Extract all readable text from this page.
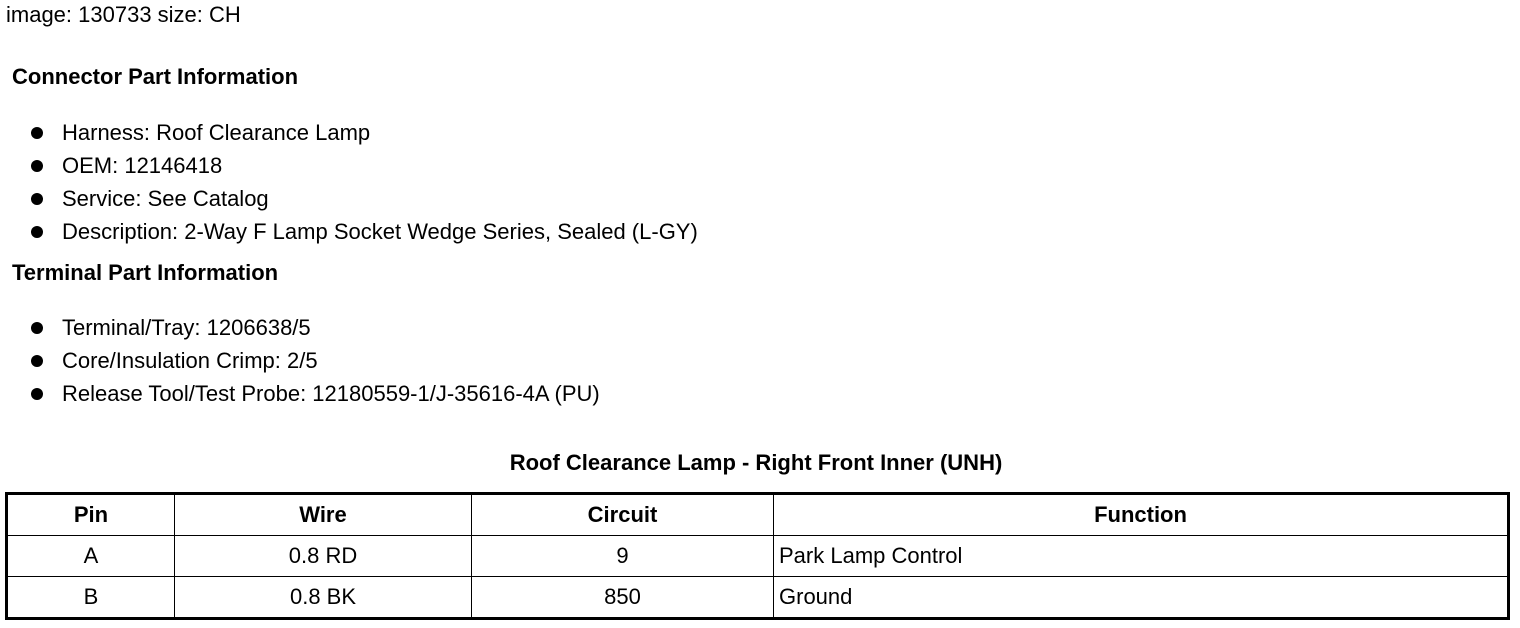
image: 130733 size: CH
Connector Part Information
Harness: Roof Clearance Lamp
OEM: 12146418
Service: See Catalog
Description: 2-Way F Lamp Socket Wedge Series, Sealed (L-GY)
Terminal Part Information
Terminal/Tray: 1206638/5
Core/Insulation Crimp: 2/5
Release Tool/Test Probe: 12180559-1/J-35616-4A (PU)
Roof Clearance Lamp - Right Front Inner (UNH)
Pin	Wire	Circuit	Function
A	0.8 RD	9	Park Lamp Control
B	0.8 BK	850	Ground
